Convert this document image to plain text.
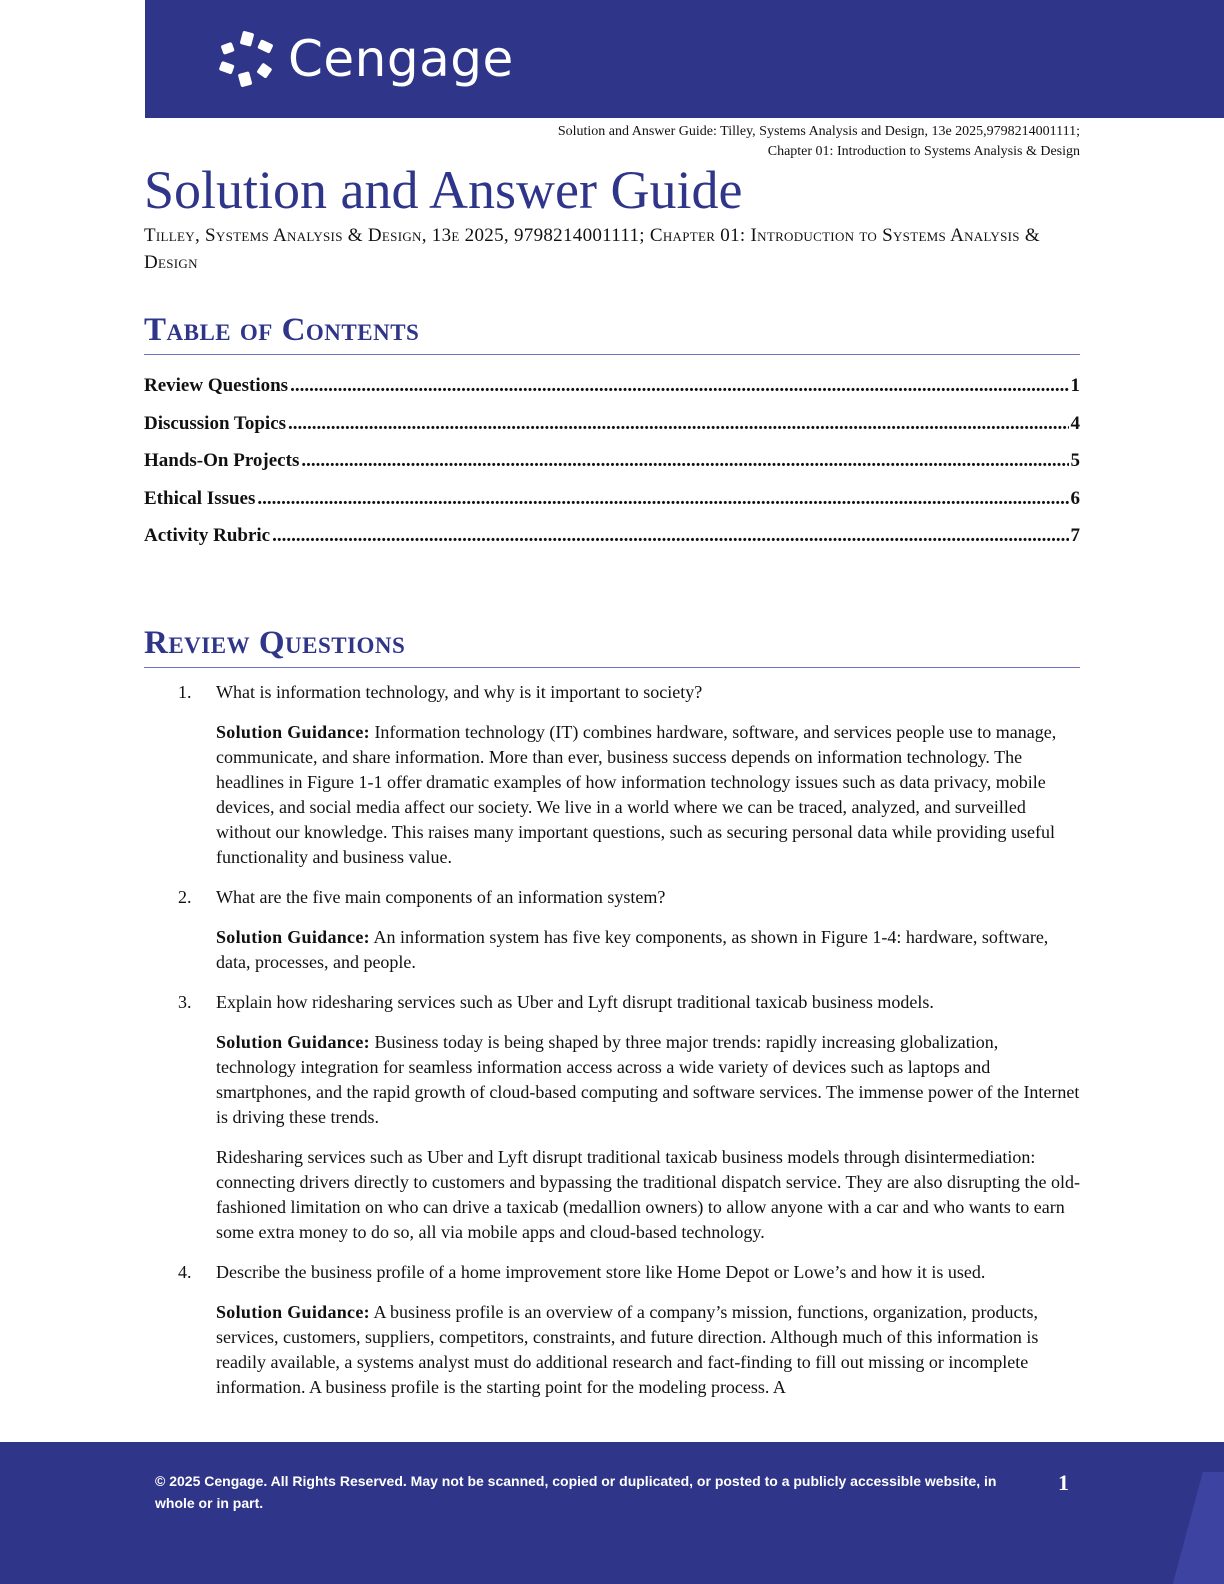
Cengage
Solution and Answer Guide: Tilley, Systems Analysis and Design, 13e 2025,9798214001111;
Chapter 01: Introduction to Systems Analysis & Design
Solution and Answer Guide
Tilley, Systems Analysis & Design, 13e 2025, 9798214001111; Chapter 01: Introduction to Systems Analysis & Design
Table of Contents
Review Questions .....	1
Discussion Topics .....	4
Hands-On Projects .....	5
Ethical Issues .....	6
Activity Rubric .....	7
Review Questions
1. What is information technology, and why is it important to society?

Solution Guidance: Information technology (IT) combines hardware, software, and services people use to manage, communicate, and share information. More than ever, business success depends on information technology. The headlines in Figure 1-1 offer dramatic examples of how information technology issues such as data privacy, mobile devices, and social media affect our society. We live in a world where we can be traced, analyzed, and surveilled without our knowledge. This raises many important questions, such as securing personal data while providing useful functionality and business value.

2. What are the five main components of an information system?

Solution Guidance: An information system has five key components, as shown in Figure 1-4: hardware, software, data, processes, and people.

3. Explain how ridesharing services such as Uber and Lyft disrupt traditional taxicab business models.

Solution Guidance: Business today is being shaped by three major trends: rapidly increasing globalization, technology integration for seamless information access across a wide variety of devices such as laptops and smartphones, and the rapid growth of cloud-based computing and software services. The immense power of the Internet is driving these trends.

Ridesharing services such as Uber and Lyft disrupt traditional taxicab business models through disintermediation: connecting drivers directly to customers and bypassing the traditional dispatch service. They are also disrupting the old-fashioned limitation on who can drive a taxicab (medallion owners) to allow anyone with a car and who wants to earn some extra money to do so, all via mobile apps and cloud-based technology.

4. Describe the business profile of a home improvement store like Home Depot or Lowe’s and how it is used.

Solution Guidance: A business profile is an overview of a company’s mission, functions, organization, products, services, customers, suppliers, competitors, constraints, and future direction. Although much of this information is readily available, a systems analyst must do additional research and fact-finding to fill out missing or incomplete information. A business profile is the starting point for the modeling process. A

© 2025 Cengage. All Rights Reserved. May not be scanned, copied or duplicated, or posted to a publicly accessible website, in whole or in part.
1
